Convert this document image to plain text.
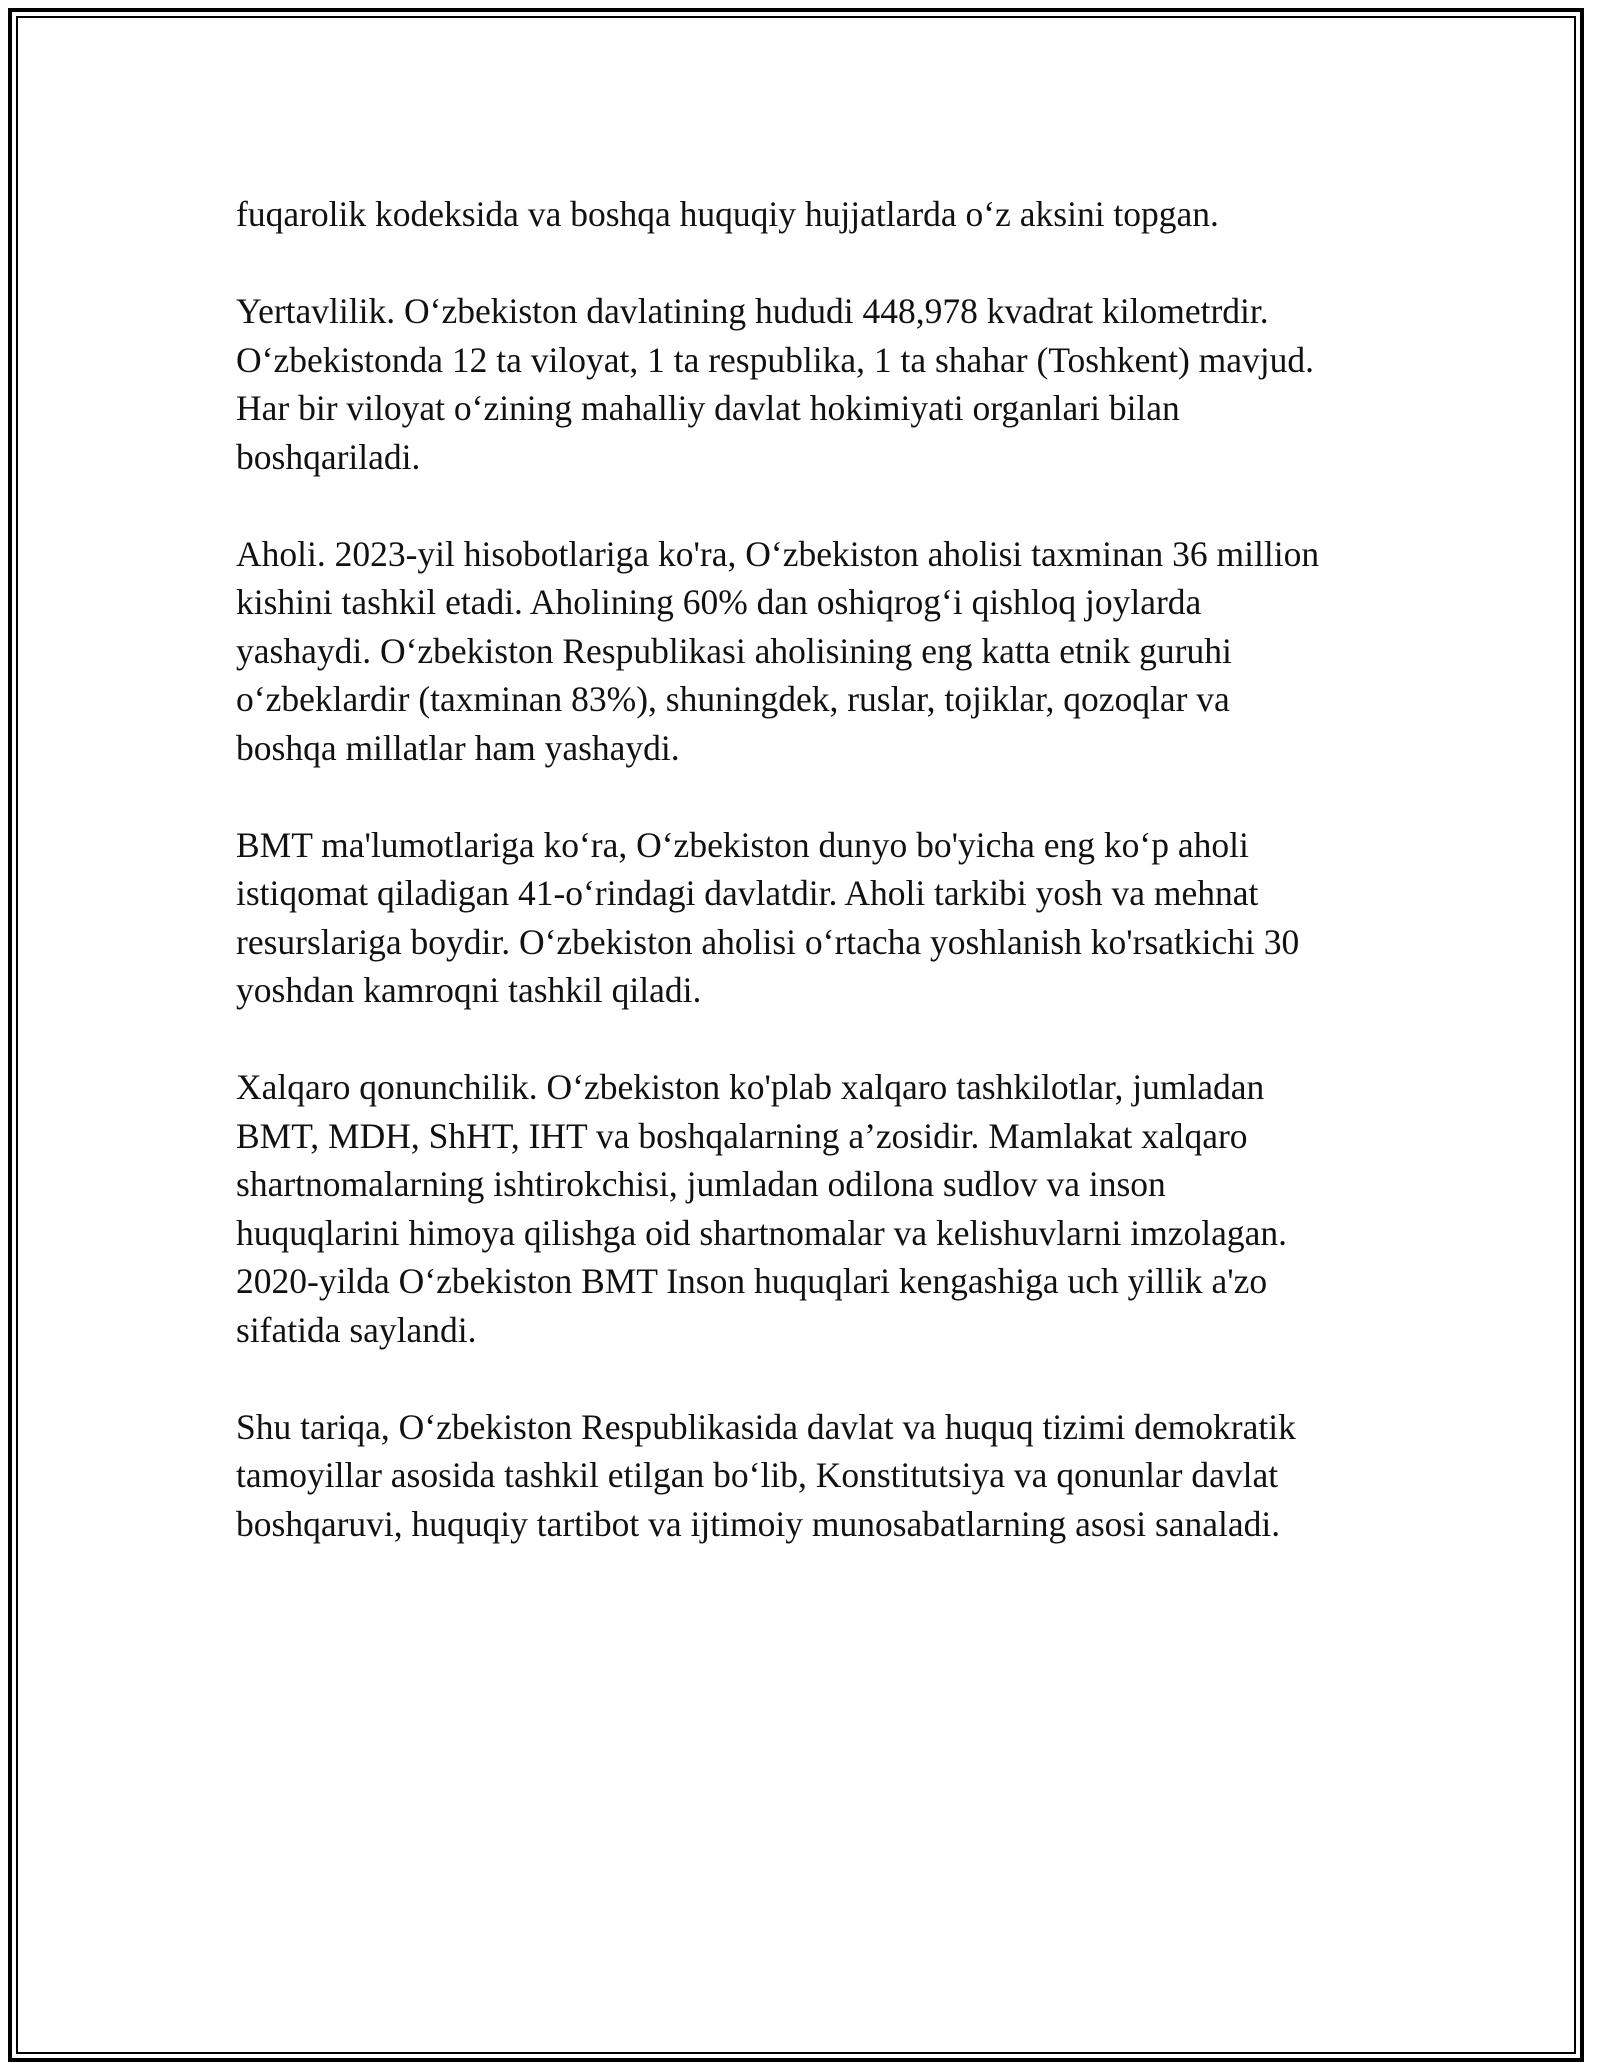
fuqarolik kodeksida va boshqa huquqiy hujjatlarda o‘z aksini topgan.

Yertavlilik. O‘zbekiston davlatining hududi 448,978 kvadrat kilometrdir.
O‘zbekistonda 12 ta viloyat, 1 ta respublika, 1 ta shahar (Toshkent) mavjud.
Har bir viloyat o‘zining mahalliy davlat hokimiyati organlari bilan
boshqariladi.

Aholi. 2023-yil hisobotlariga ko'ra, O‘zbekiston aholisi taxminan 36 million
kishini tashkil etadi. Aholining 60% dan oshiqrog‘i qishloq joylarda
yashaydi. O‘zbekiston Respublikasi aholisining eng katta etnik guruhi
o‘zbeklardir (taxminan 83%), shuningdek, ruslar, tojiklar, qozoqlar va
boshqa millatlar ham yashaydi.

BMT ma'lumotlariga ko‘ra, O‘zbekiston dunyo bo'yicha eng ko‘p aholi
istiqomat qiladigan 41-o‘rindagi davlatdir. Aholi tarkibi yosh va mehnat
resurslariga boydir. O‘zbekiston aholisi o‘rtacha yoshlanish ko'rsatkichi 30
yoshdan kamroqni tashkil qiladi.

Xalqaro qonunchilik. O‘zbekiston ko'plab xalqaro tashkilotlar, jumladan
BMT, MDH, ShHT, IHT va boshqalarning a’zosidir. Mamlakat xalqaro
shartnomalarning ishtirokchisi, jumladan odilona sudlov va inson
huquqlarini himoya qilishga oid shartnomalar va kelishuvlarni imzolagan.
2020-yilda O‘zbekiston BMT Inson huquqlari kengashiga uch yillik a'zo
sifatida saylandi.

Shu tariqa, O‘zbekiston Respublikasida davlat va huquq tizimi demokratik
tamoyillar asosida tashkil etilgan bo‘lib, Konstitutsiya va qonunlar davlat
boshqaruvi, huquqiy tartibot va ijtimoiy munosabatlarning asosi sanaladi.
